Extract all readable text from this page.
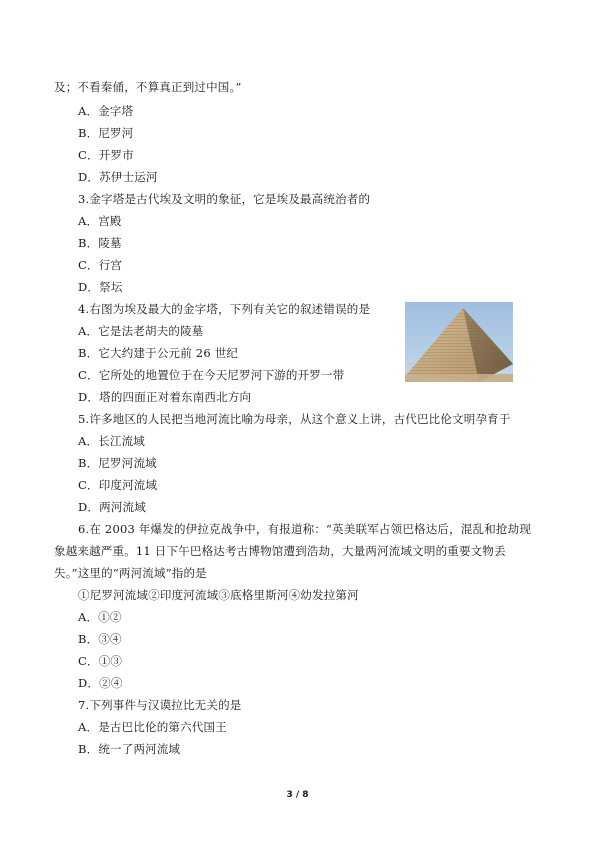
及；不看秦俑，不算真正到过中国。”
A．金字塔
B．尼罗河
C．开罗市
D．苏伊士运河
3.金字塔是古代埃及文明的象征，它是埃及最高统治者的
A．宫殿
B．陵墓
C．行宫
D．祭坛
4.右图为埃及最大的金字塔，下列有关它的叙述错误的是
A．它是法老胡夫的陵墓
B．它大约建于公元前 26 世纪
C．它所处的地置位于在今天尼罗河下游的开罗一带
D．塔的四面正对着东南西北方向
5.许多地区的人民把当地河流比喻为母亲，从这个意义上讲，古代巴比伦文明孕育于
A．长江流域
B．尼罗河流域
C．印度河流域
D．两河流域
6.在 2003 年爆发的伊拉克战争中，有报道称：“英美联军占领巴格达后，混乱和抢劫现
象越来越严重。11 日下午巴格达考古博物馆遭到浩劫，大量两河流域文明的重要文物丢
失。”这里的“两河流域”指的是
①尼罗河流域②印度河流域③底格里斯河④幼发拉第河
A．①②
B．③④
C．①③
D．②④
7.下列事件与汉谟拉比无关的是
A．是古巴比伦的第六代国王
B．统一了两河流域
3 / 8
